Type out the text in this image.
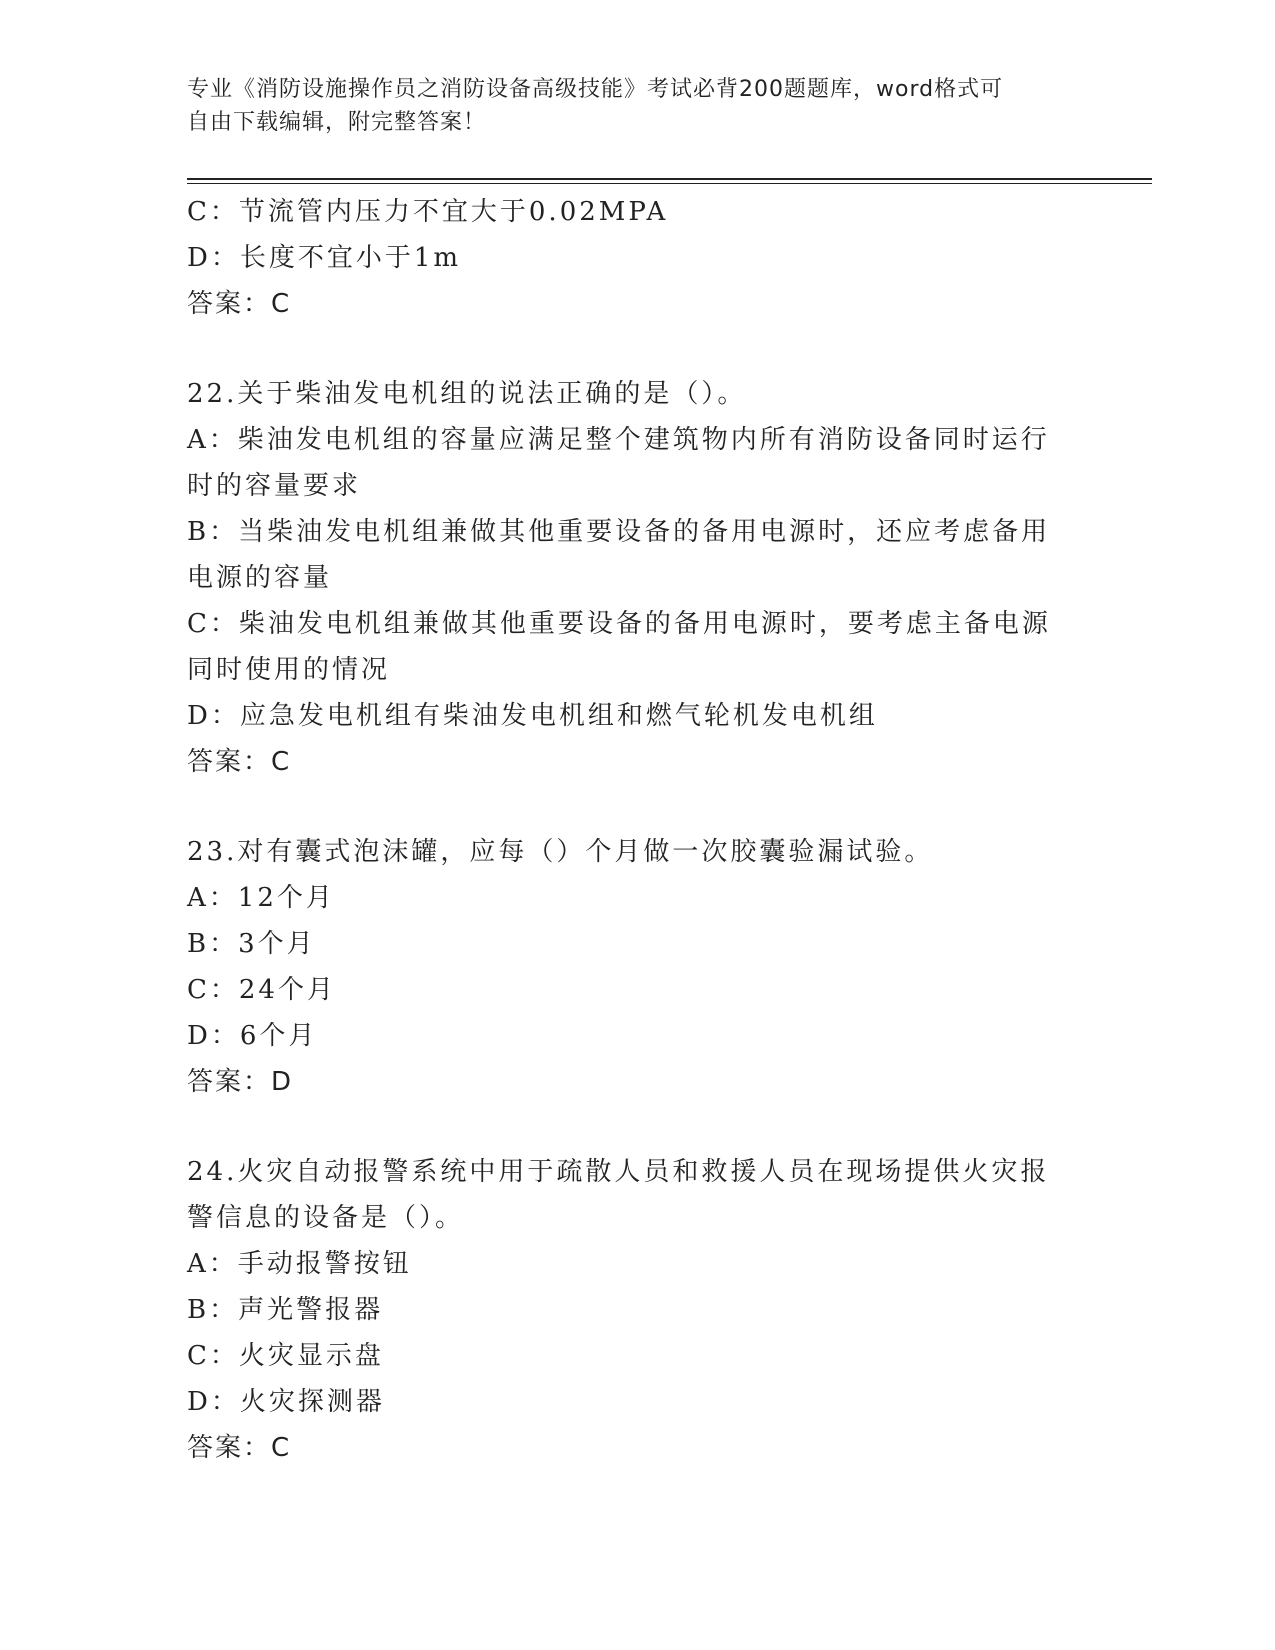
专业《消防设施操作员之消防设备高级技能》考试必背200题题库，word格式可
自由下载编辑，附完整答案！
C：节流管内压力不宜大于0.02MPA
D：长度不宜小于1m
答案：C
22.关于柴油发电机组的说法正确的是（）。
A：柴油发电机组的容量应满足整个建筑物内所有消防设备同时运行时的容量要求
B：当柴油发电机组兼做其他重要设备的备用电源时，还应考虑备用电源的容量
C：柴油发电机组兼做其他重要设备的备用电源时，要考虑主备电源同时使用的情况
D：应急发电机组有柴油发电机组和燃气轮机发电机组
答案：C
23.对有囊式泡沫罐，应每（）个月做一次胶囊验漏试验。
A：12个月
B：3个月
C：24个月
D：6个月
答案：D
24.火灾自动报警系统中用于疏散人员和救援人员在现场提供火灾报警信息的设备是（）。
A：手动报警按钮
B：声光警报器
C：火灾显示盘
D：火灾探测器
答案：C
